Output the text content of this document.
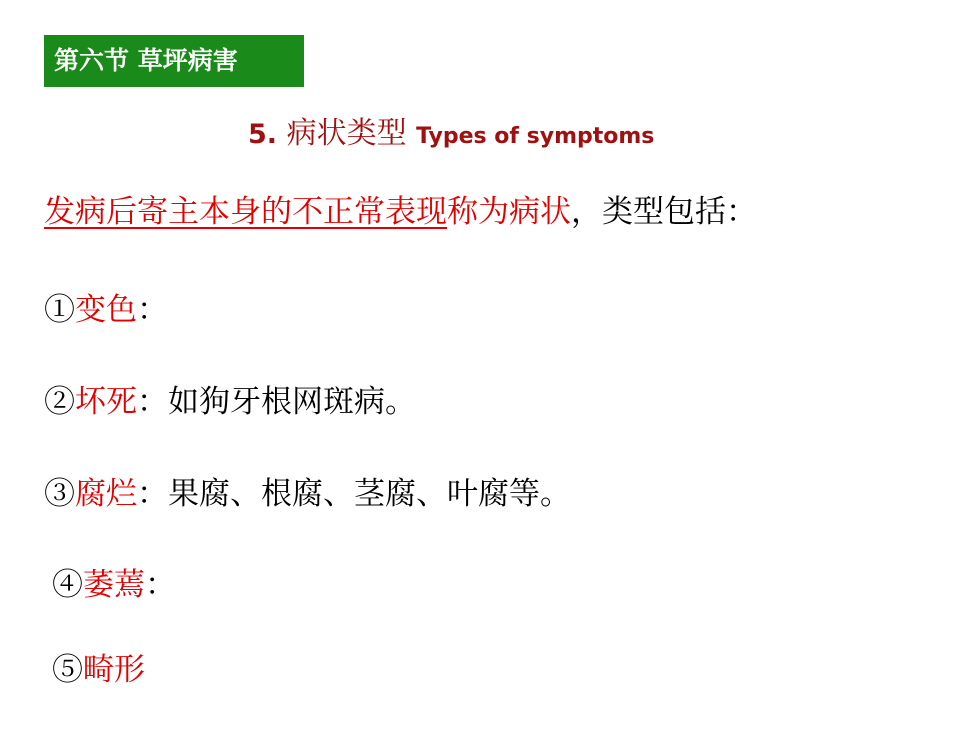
第六节 草坪病害
5. 病状类型 Types of symptoms
发病后寄主本身的不正常表现称为病状，类型包括：
①变色：
②坏死：如狗牙根网斑病。
③腐烂：果腐、根腐、茎腐、叶腐等。
④萎蔫：
⑤畸形
